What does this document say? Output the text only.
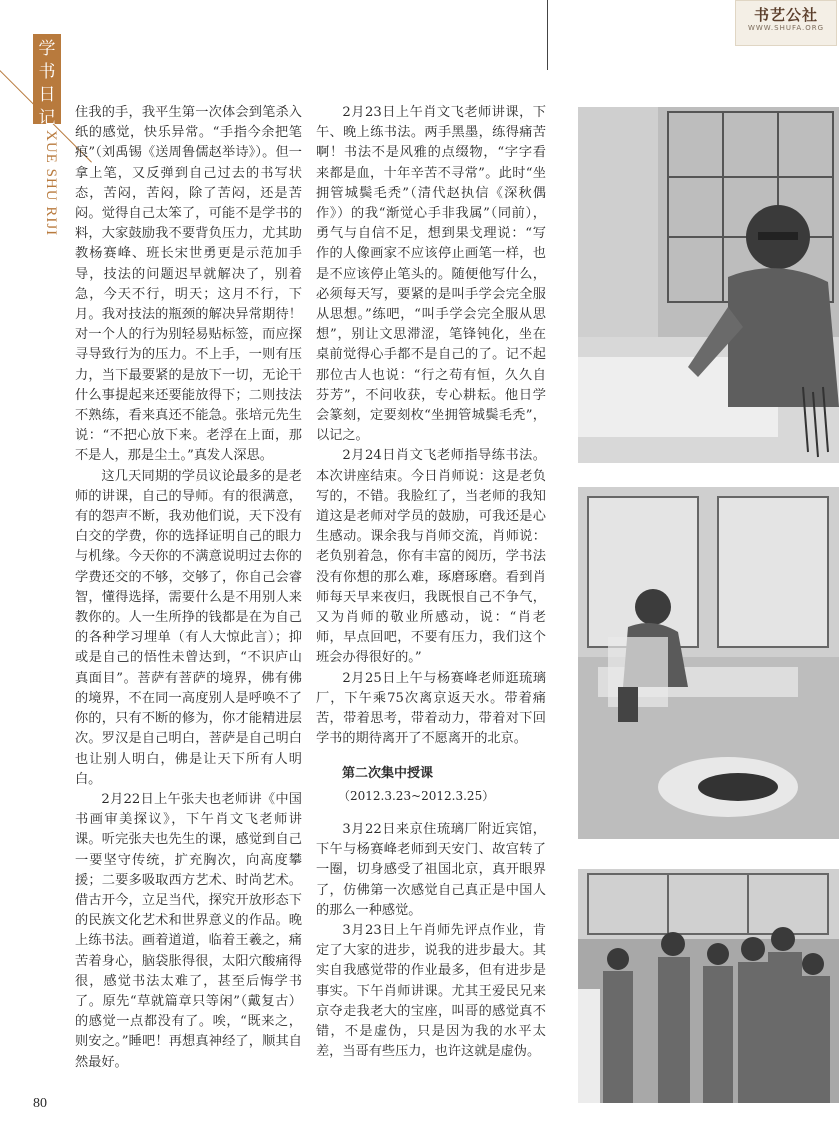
书艺公社
WWW.SHUFA.ORG
学书日记
XUE SHU RIJI

住我的手，我平生第一次体会到笔杀入纸的感觉，快乐异常。“手指今余把笔痕”（刘禹锡《送周鲁儒赵举诗》）。但一拿上笔，又反弹到自己过去的书写状态，苦闷，苦闷，除了苦闷，还是苦闷。觉得自己太笨了，可能不是学书的料，大家鼓励我不要背负压力，尤其助教杨赛峰、班长宋世勇更是示范加手导，技法的问题迟早就解决了，别着急，今天不行，明天；这月不行，下月。我对技法的瓶颈的解决异常期待！对一个人的行为别轻易贴标签，而应探寻导致行为的压力。不上手，一则有压力，当下最要紧的是放下一切，无论干什么事提起来还要能放得下；二则技法不熟练，看来真还不能急。张培元先生说：“不把心放下来。老浮在上面，那不是人，那是尘土。”真发人深思。

这几天同期的学员议论最多的是老师的讲课，自己的导师。有的很满意，有的怨声不断，我劝他们说，天下没有白交的学费，你的选择证明自己的眼力与机缘。今天你的不满意说明过去你的学费还交的不够，交够了，你自己会睿智，懂得选择，需要什么是不用别人来教你的。人一生所挣的钱都是在为自己的各种学习埋单（有人大惊此言）；抑或是自己的悟性未曾达到，“不识庐山真面目”。菩萨有菩萨的境界，佛有佛的境界，不在同一高度别人是呼唤不了你的，只有不断的修为，你才能精进层次。罗汉是自己明白，菩萨是自己明白也让别人明白，佛是让天下所有人明白。

2月22日上午张夫也老师讲《中国书画审美探议》，下午肖文飞老师讲课。听完张夫也先生的课，感觉到自己一要坚守传统，扩充胸次，向高度攀援；二要多吸取西方艺术、时尚艺术。借古开今，立足当代，探究开放形态下的民族文化艺术和世界意义的作品。晚上练书法。画着道道，临着王羲之，痛苦着身心，脑袋胀得很，太阳穴酸痛得很，感觉书法太难了，甚至后悔学书了。原先“草就篇章只等闲”（戴复古）的感觉一点都没有了。唉，“既来之，则安之。”睡吧！再想真神经了，顺其自然最好。

2月23日上午肖文飞老师讲课，下午、晚上练书法。两手黑墨，练得痛苦啊！书法不是风雅的点缀物，“字字看来都是血，十年辛苦不寻常”。此时“坐拥管城鬓毛秃”（清代赵执信《深秋偶作》）的我“渐觉心手非我属”（同前），勇气与自信不足，想到果戈理说：“写作的人像画家不应该停止画笔一样，也是不应该停止笔头的。随便他写什么，必须每天写，要紧的是叫手学会完全服从思想。”练吧，“叫手学会完全服从思想”，别让文思滞涩，笔锋钝化，坐在桌前觉得心手都不是自己的了。记不起那位古人也说：“行之苟有恒，久久自芬芳”，不问收获，专心耕耘。他日学会篆刻，定要刻枚“坐拥管城鬓毛秃”，以记之。

2月24日肖文飞老师指导练书法。本次讲座结束。今日肖师说：这是老负写的，不错。我脸红了，当老师的我知道这是老师对学员的鼓励，可我还是心生感动。课余我与肖师交流，肖师说：老负别着急，你有丰富的阅历，学书法没有你想的那么难，琢磨琢磨。看到肖师每天早来夜归，我既恨自己不争气，又为肖师的敬业所感动，说：“肖老师，早点回吧，不要有压力，我们这个班会办得很好的。”

2月25日上午与杨赛峰老师逛琉璃厂，下午乘75次离京返天水。带着痛苦，带着思考，带着动力，带着对下回学书的期待离开了不愿离开的北京。

第二次集中授课

（2012.3.23~2012.3.25）

3月22日来京住琉璃厂附近宾馆，下午与杨赛峰老师到天安门、故宫转了一圈，切身感受了祖国北京，真开眼界了，仿佛第一次感觉自己真正是中国人的那么一种感觉。

3月23日上午肖师先评点作业，肯定了大家的进步，说我的进步最大。其实自我感觉带的作业最多，但有进步是事实。下午肖师讲课。尤其王爱民兄来京夺走我老大的宝座，叫哥的感觉真不错，不是虚伪，只是因为我的水平太差，当哥有些压力，也许这就是虚伪。

80
